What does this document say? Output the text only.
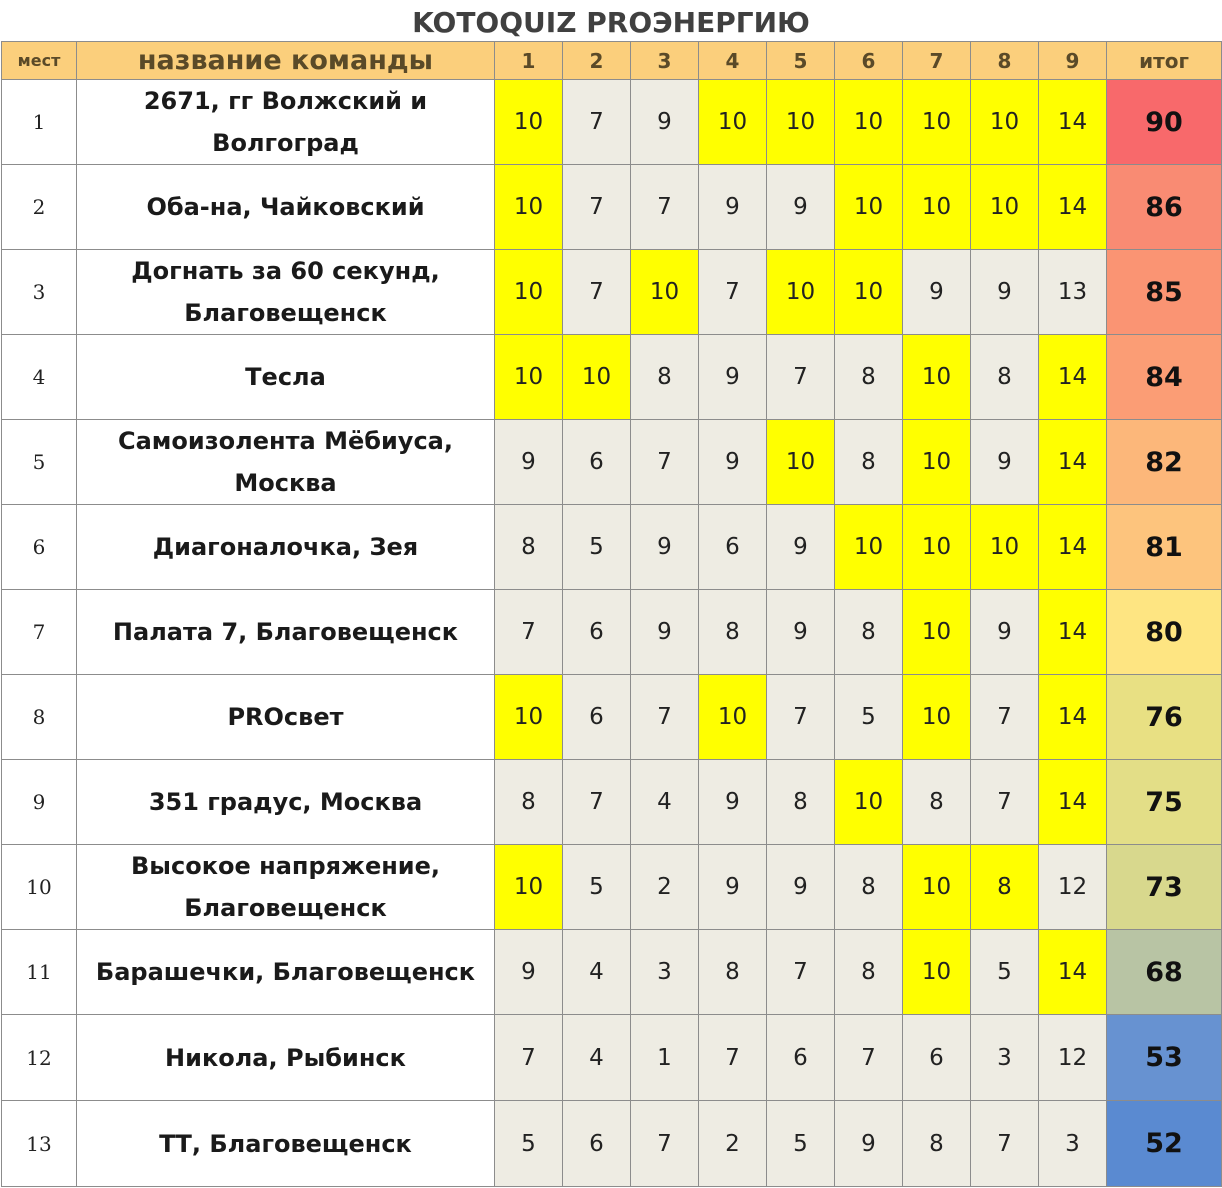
KOTOQUIZ PROЭНЕРГИЮ
мест	название команды	1	2	3	4	5	6	7	8	9	итог
1	2671, гг Волжский и Волгоград	10	7	9	10	10	10	10	10	14	90
2	Оба-на, Чайковский	10	7	7	9	9	10	10	10	14	86
3	Догнать за 60 секунд, Благовещенск	10	7	10	7	10	10	9	9	13	85
4	Тесла	10	10	8	9	7	8	10	8	14	84
5	Самоизолента Мёбиуса, Москва	9	6	7	9	10	8	10	9	14	82
6	Диагоналочка, Зея	8	5	9	6	9	10	10	10	14	81
7	Палата 7, Благовещенск	7	6	9	8	9	8	10	9	14	80
8	PROсвет	10	6	7	10	7	5	10	7	14	76
9	351 градус, Москва	8	7	4	9	8	10	8	7	14	75
10	Высокое напряжение, Благовещенск	10	5	2	9	9	8	10	8	12	73
11	Барашечки, Благовещенск	9	4	3	8	7	8	10	5	14	68
12	Никола, Рыбинск	7	4	1	7	6	7	6	3	12	53
13	ТТ, Благовещенск	5	6	7	2	5	9	8	7	3	52
